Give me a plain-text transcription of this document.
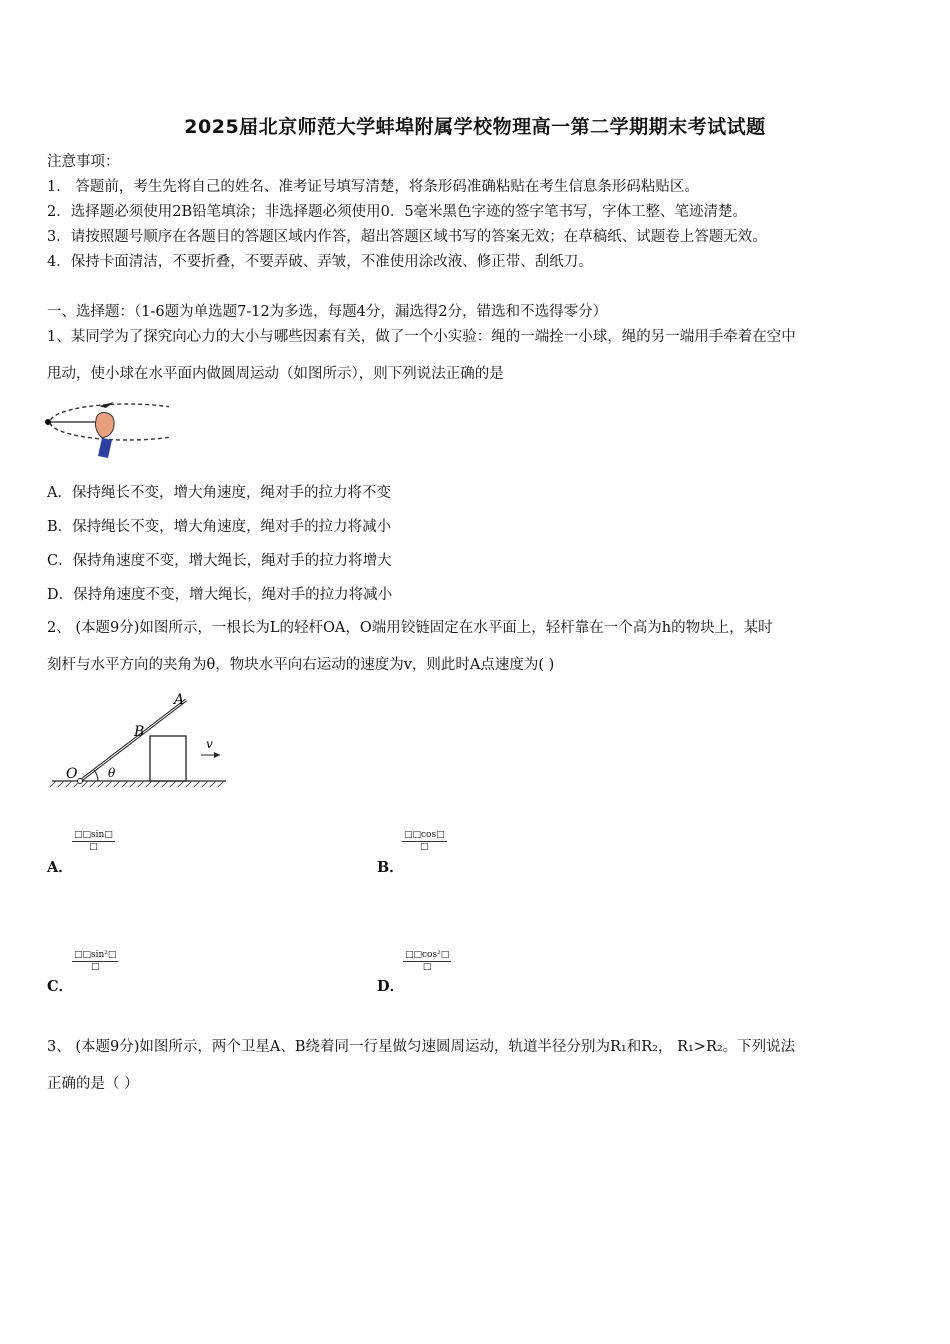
2025届北京师范大学蚌埠附属学校物理高一第二学期期末考试试题
注意事项：
1． 答题前，考生先将自己的姓名、准考证号填写清楚，将条形码准确粘贴在考生信息条形码粘贴区。
2．选择题必须使用2B铅笔填涂；非选择题必须使用0．5毫米黑色字迹的签字笔书写，字体工整、笔迹清楚。
3．请按照题号顺序在各题目的答题区域内作答，超出答题区域书写的答案无效；在草稿纸、试题卷上答题无效。
4．保持卡面清洁，不要折叠，不要弄破、弄皱，不准使用涂改液、修正带、刮纸刀。
一、选择题：（1-6题为单选题7-12为多选，每题4分，漏选得2分，错选和不选得零分）
1、某同学为了探究向心力的大小与哪些因素有关，做了一个小实验：绳的一端拴一小球，绳的另一端用手牵着在空中
甩动，使小球在水平面内做圆周运动（如图所示），则下列说法正确的是
A．保持绳长不变，增大角速度，绳对手的拉力将不变
B．保持绳长不变，增大角速度，绳对手的拉力将减小
C．保持角速度不变，增大绳长，绳对手的拉力将增大
D．保持角速度不变，增大绳长，绳对手的拉力将减小
2、 (本题9分)如图所示，一根长为L的轻杆OA，O端用铰链固定在水平面上，轻杆靠在一个高为h的物块上，某时
刻杆与水平方向的夹角为θ，物块水平向右运动的速度为v，则此时A点速度为( )
A
B
O	θ
v
A．
□□sin□
□
B．
□□cos□
□
C．
□□sin²□
□
D．
□□cos²□
□
3、 (本题9分)如图所示，两个卫星A、B绕着同一行星做匀速圆周运动，轨道半径分别为R₁和R₂， R₁>R₂。下列说法
正确的是（ ）
